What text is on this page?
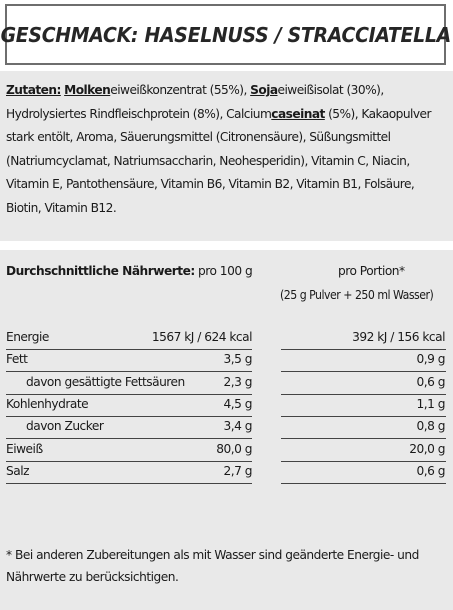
GESCHMACK: HASELNUSS / STRACCIATELLA
Zutaten: Molkeneiweißkonzentrat (55%), Sojaeiweißisolat (30%), Hydrolysiertes Rindfleischprotein (8%), Calciumcaseinat (5%), Kakaopulver stark entölt, Aroma, Säuerungsmittel (Citronensäure), Süßungsmittel (Natriumcyclamat, Natriumsaccharin, Neohesperidin), Vitamin C, Niacin, Vitamin E, Pantothensäure, Vitamin B6, Vitamin B2, Vitamin B1, Folsäure, Biotin, Vitamin B12.
Durchschnittliche Nährwerte: pro 100 g	pro Portion*
(25 g Pulver + 250 ml Wasser)
Energie	1567 kJ / 624 kcal	392 kJ / 156 kcal
Fett	3,5 g	0,9 g
davon gesättigte Fettsäuren	2,3 g	0,6 g
Kohlenhydrate	4,5 g	1,1 g
davon Zucker	3,4 g	0,8 g
Eiweiß	80,0 g	20,0 g
Salz	2,7 g	0,6 g
* Bei anderen Zubereitungen als mit Wasser sind geänderte Energie- und Nährwerte zu berücksichtigen.
